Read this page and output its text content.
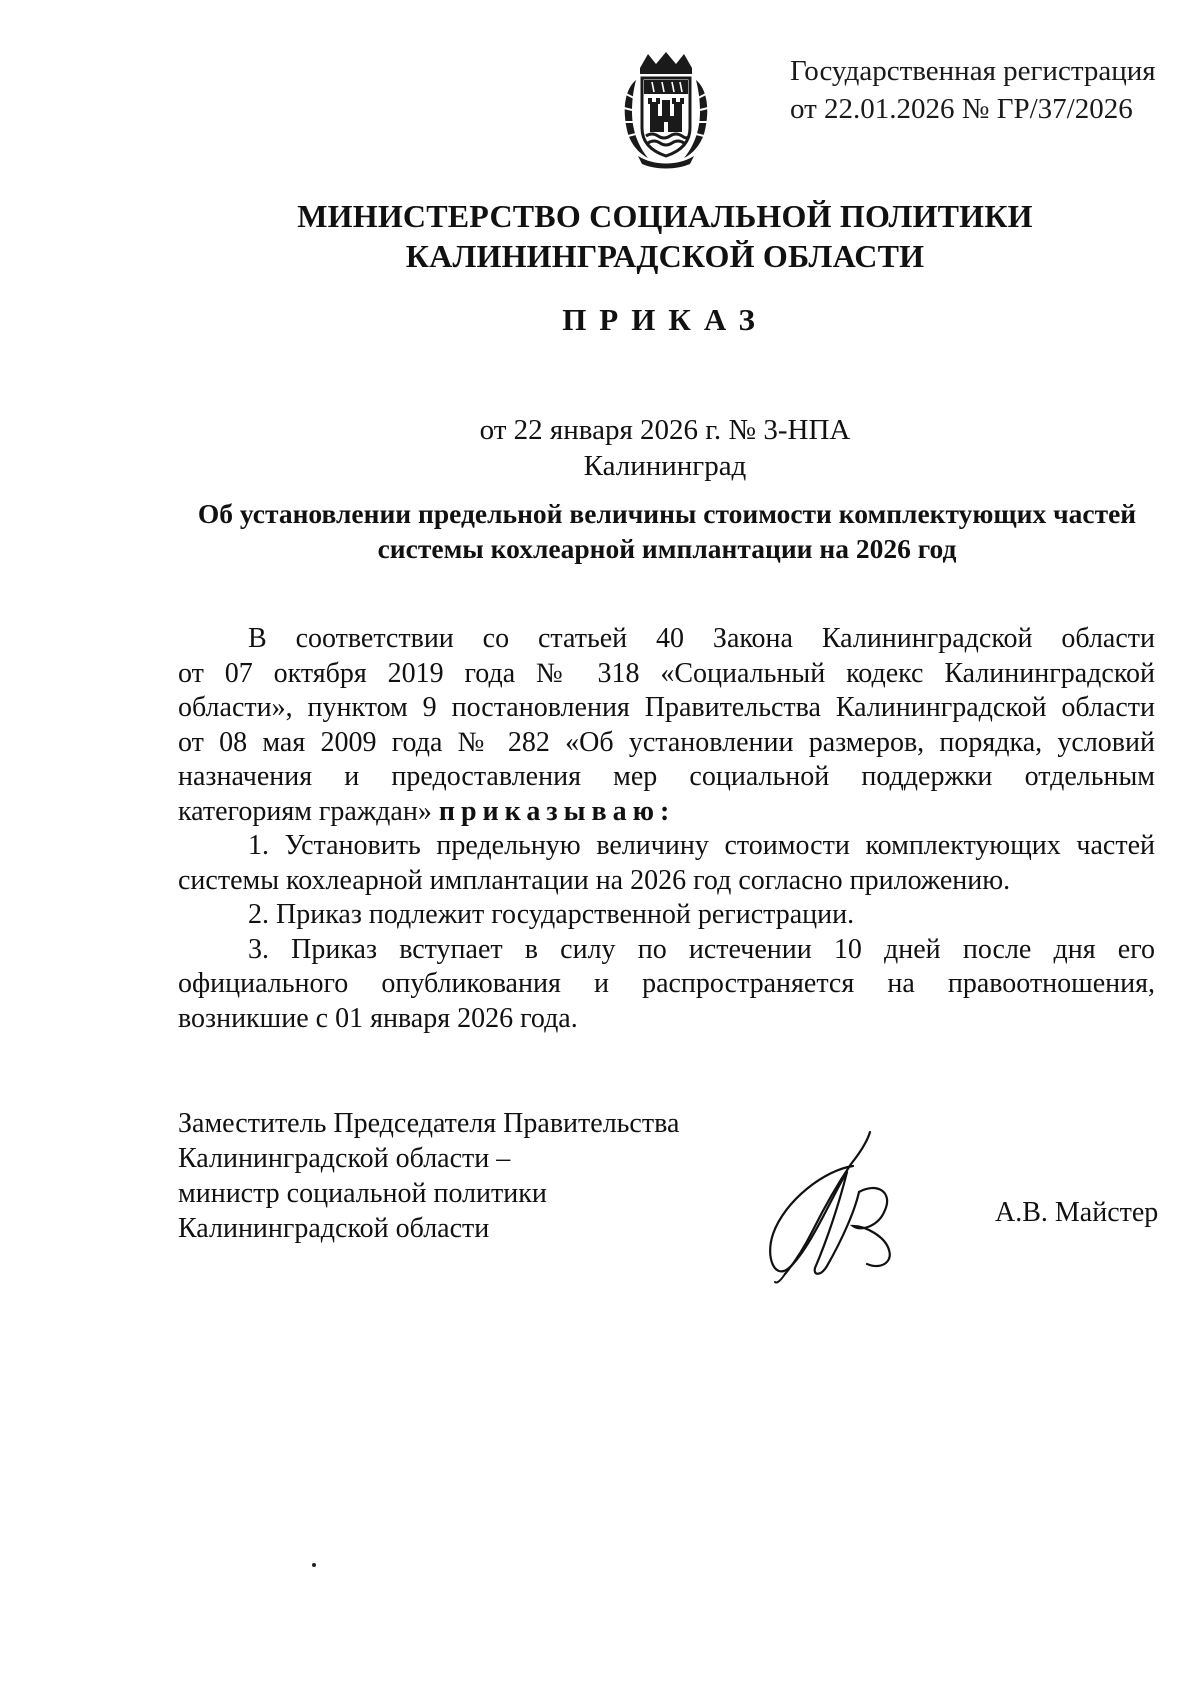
Государственная регистрация
от 22.01.2026 № ГР/37/2026
МИНИСТЕРСТВО СОЦИАЛЬНОЙ ПОЛИТИКИ
КАЛИНИНГРАДСКОЙ ОБЛАСТИ
ПРИКАЗ
от 22 января 2026 г. № 3-НПА
Калининград
Об установлении предельной величины стоимости комплектующих частей
системы кохлеарной имплантации на 2026 год
В соответствии со статьей 40 Закона Калининградской области
от 07 октября 2019 года № 318 «Социальный кодекс Калининградской
области», пунктом 9 постановления Правительства Калининградской области
от 08 мая 2009 года № 282 «Об установлении размеров, порядка, условий
назначения и предоставления мер социальной поддержки отдельным
категориям граждан» приказываю:
1. Установить предельную величину стоимости комплектующих частей
системы кохлеарной имплантации на 2026 год согласно приложению.
2. Приказ подлежит государственной регистрации.
3. Приказ вступает в силу по истечении 10 дней после дня его
официального опубликования и распространяется на правоотношения,
возникшие с 01 января 2026 года.
Заместитель Председателя Правительства
Калининградской области –
министр социальной политики
Калининградской области
А.В. Майстер
